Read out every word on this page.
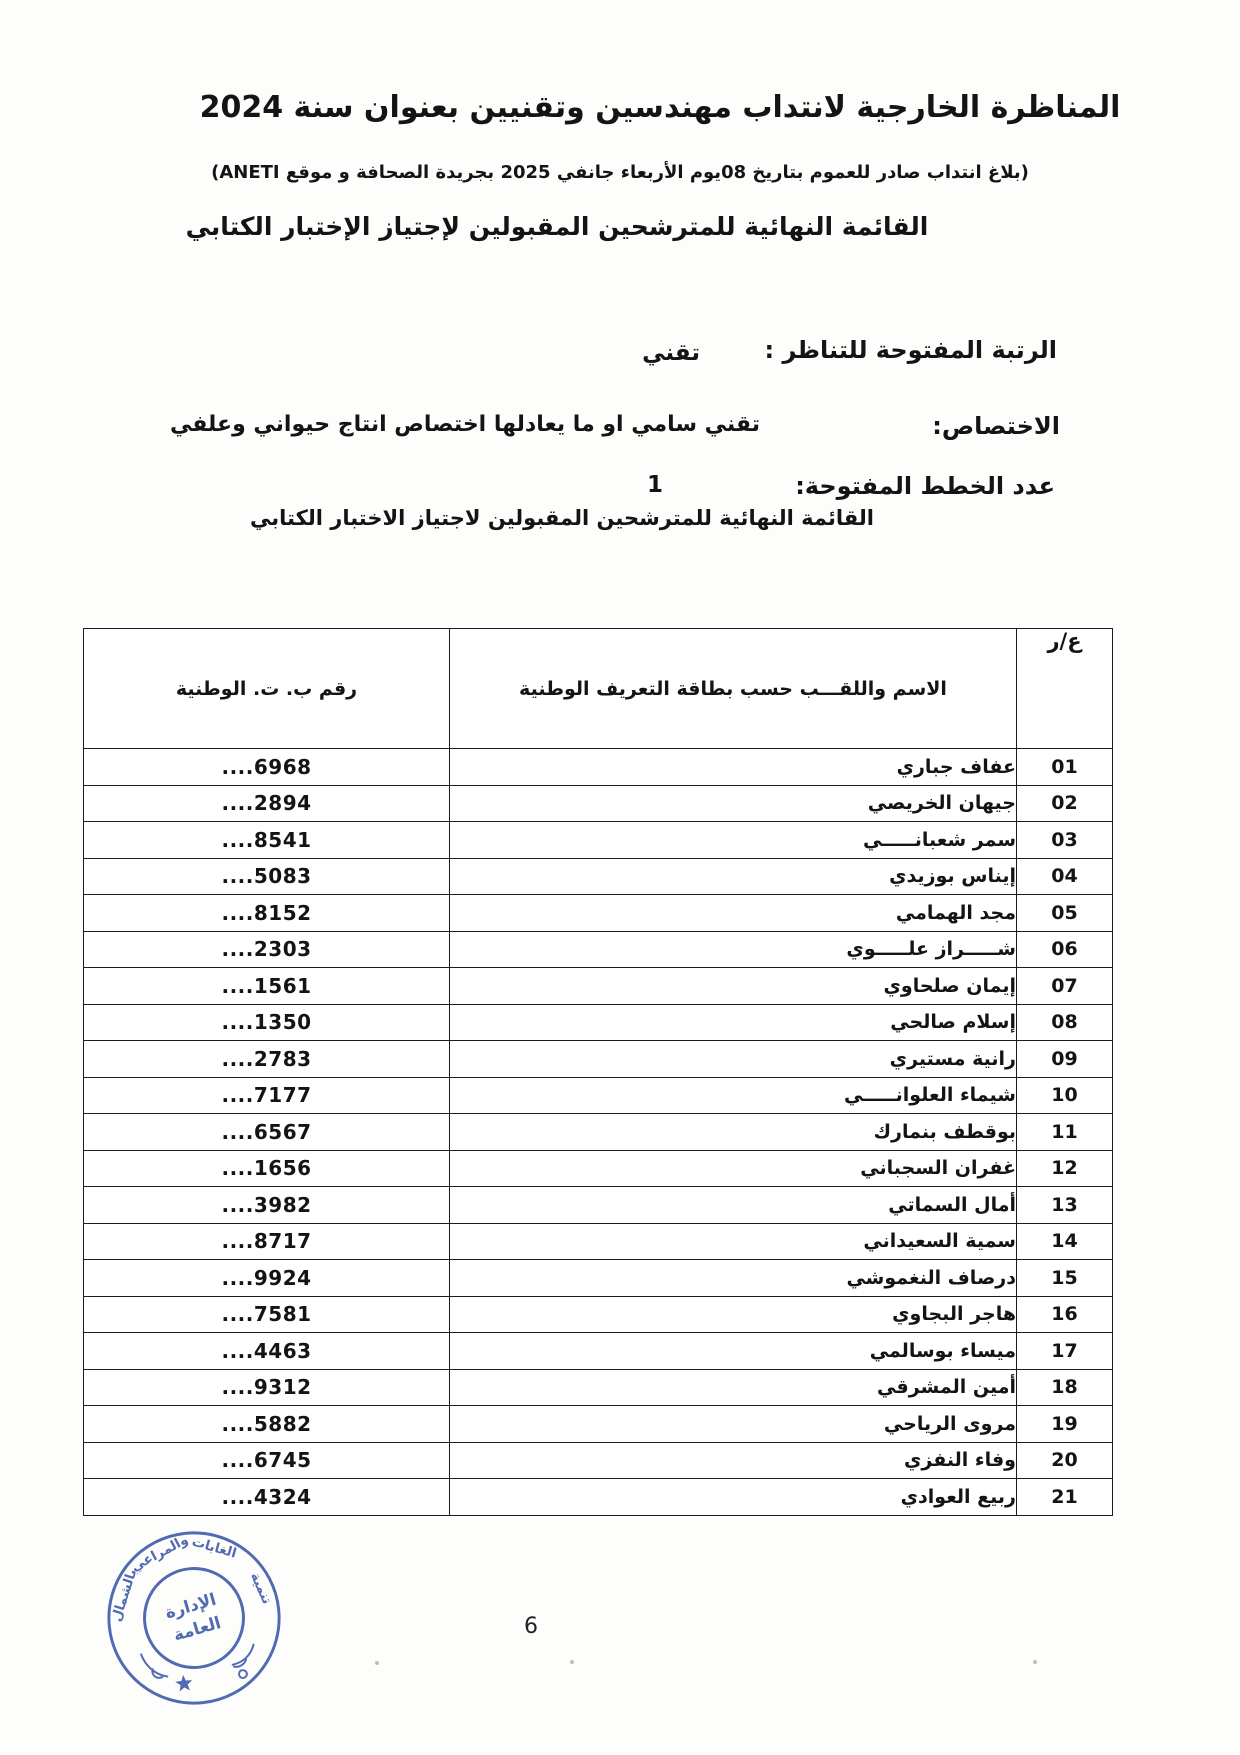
المناظرة الخارجية لانتداب مهندسين وتقنيين بعنوان سنة 2024
(بلاغ انتداب صادر للعموم بتاريخ 08يوم الأربعاء جانفي 2025 بجريدة الصحافة و موقع ANETI)
القائمة النهائية للمترشحين المقبولين لإجتياز الإختبار الكتابي
الرتبة المفتوحة للتناظر :
تقني
الاختصاص:
تقني سامي او ما يعادلها اختصاص انتاج حيواني وعلفي
عدد الخطط المفتوحة:
1
القائمة النهائية للمترشحين المقبولين لاجتياز الاختبار الكتابي
ع/ر	الاسم واللقـــب حسب بطاقة التعريف الوطنية	رقم ب. ت. الوطنية
01	عفاف جباري	....6968
02	جيهان الخريصي	....2894
03	سمر شعبانـــــي	....8541
04	إيناس بوزيدي	....5083
05	مجد الهمامي	....8152
06	شـــــراز علـــــوي	....2303
07	إيمان صلحاوي	....1561
08	إسلام صالحي	....1350
09	رانية مستيري	....2783
10	شيماء العلوانـــــي	....7177
11	بوقطف بنمارك	....6567
12	غفران السجباني	....1656
13	أمال السماتي	....3982
14	سمية السعيداني	....8717
15	درصاف النغموشي	....9924
16	هاجر البجاوي	....7581
17	ميساء بوسالمي	....4463
18	أمين المشرقي	....9312
19	مروى الرياحي	....5882
20	وفاء النفزي	....6745
21	ربيع العوادي	....4324
تنمية
الغابات
والمراعي
بالشمال الإدارة
العامة	6
